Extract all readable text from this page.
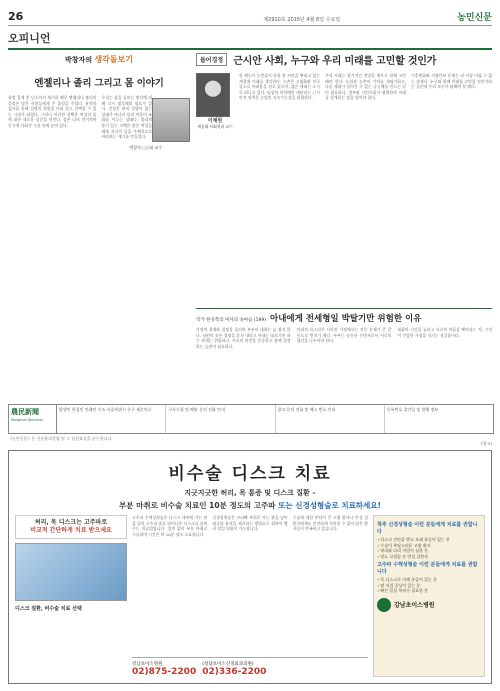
26	제2910호 2015년 4월 8일 수요일	농민신문
오피니언
박창자의 생각돌보기
엔젤리나 졸리 그리고 몸 이야기

유방 절제 후 난소까지 제거한 배우 엔젤리나 졸리의 결정은 많은 사람들에게 큰 울림을 주었다. 유전자 검사를 통해 질병의 위험을 미리 알고 선택할 수 있는 시대가 되었다. 그러나 이러한 선택은 여성의 몸에 대한 새로운 질문을 던진다. 몸은 나의 것이지만 동시에 사회적 시선 속에 놓여 있다.

우리는 몸을 돌보는 방식에 대해 다시 생각해볼 필요가 있다. 건강은 단지 질병이 없는 상태가 아니라 몸과 마음이 조화를 이루는 상태다. 졸리의 용기 있는 고백은 많은 여성들에게 자신의 몸을 주체적으로 바라보는 계기를 만들었다.

박창자 ○○대 교수
돌어경정	근시안 사회, 누구와 우리 미래를 고민할 것인가
이채원
세종대 사회학과 교수

한 해농사 농민들이 한창 봄 씨앗을 뿌리고 있는 계절에 미래를 생각한다. 농촌은 고령화와 인구 감소로 어려움을 겪고 있으며, 젊은 세대는 도시로 떠나고 있다. 당장의 이익에만 매달리는 근시안적 정책은 농업의 지속가능성을 위협한다.

우리 사회는 장기적인 전망을 세우고 함께 고민해야 한다. 농업과 농촌의 가치를 재평가하고, 다음 세대가 살아갈 수 있는 공동체를 만드는 일이 필요하다. 정부와 시민사회가 협력하여 미래를 설계하는 장을 열어야 한다.

기후변화와 식량안보 문제는 더 이상 미룰 수 없는 과제다. 누구와 함께 미래를 고민할 것인가라는 질문에 우리 모두가 답해야 할 때다.

작가 한성복의 여자의 속마음 (199) 아내에게 전세형일 박탈기만 위험한 이유

가정의 경제와 결정을 둘러싼 부부의 대화는 늘 쉽지 않다. 남편이 모든 결정을 혼자 내리고 아내는 따르기만 하는 관계는 위험하다. 서로의 의견을 존중하고 함께 결정하는 습관이 필요하다.

아내의 목소리가 사라진 가정에서는 작은 문제가 큰 갈등으로 번지기 쉽다. 부부는 동등한 동반자로서 서로의 생각을 나누어야 한다.

대화의 시간을 늘리고 서로의 마음을 헤아리는 것, 그것이 건강한 가정을 지키는 첫걸음이다.

農民新聞
Nongmin Shinmun
발행인 편집인 인쇄인 주소 서울특별시 중구 새문안로	구독신청 및 배달 문의 전화 안내	광고 문의 전화 및 팩스 번호 안내	등록번호 창간일 및 발행 정보
《농민신문》은 신문윤리강령 및 그 실천요강을 준수합니다.
(광고)
비수술 디스크 치료
지긋지긋한 허리, 목 통증 및 디스크 질환 –
부분 마취로 비수술 치료인 10분 정도의 고주파 또는 신경성형술로 치료하세요!
허리, 목 디스크는 고주파로
비교적 간단하게 치료 받으세요
디스크 질환, 비수술 치료 선택

고주파 수핵성형술은 디스크 내부에 가는 관을 넣어 고주파 열로 튀어나온 디스크를 줄여주는 치료법입니다. 절개 없이 부분 마취로 시술하며 시간은 약 10분 정도 소요됩니다.

신경성형술은 꼬리뼈 부위로 가는 관을 넣어 염증과 유착을 제거하는 방법으로 회복이 빨라 당일 퇴원이 가능합니다.

수술에 대한 부담이 큰 고령 환자나 만성 질환자에게도 안전하게 적용할 수 있어 많은 환자들이 만족하고 있습니다.

강남초이스병원
02)875-2200
(청담초이스신경외과의원)
02)336-2200
척추 신경성형술 이런 분들에게 치료를 권합니다
✓ 디스크 진단을 받고 오래 통증이 있는 분
✓ 수술이 부담스러운 고령 환자
✓ 허리와 다리 저림이 심한 분
✓ 당뇨 고혈압 등 만성 질환자
고주파 수핵성형술 이런 분들에게 치료를 권합니다
✓ 목 디스크로 어깨 통증이 있는 분
✓ 팔 저림 증상이 있는 분
✓ 빠른 일상 복귀가 필요한 분
강남초이스병원
